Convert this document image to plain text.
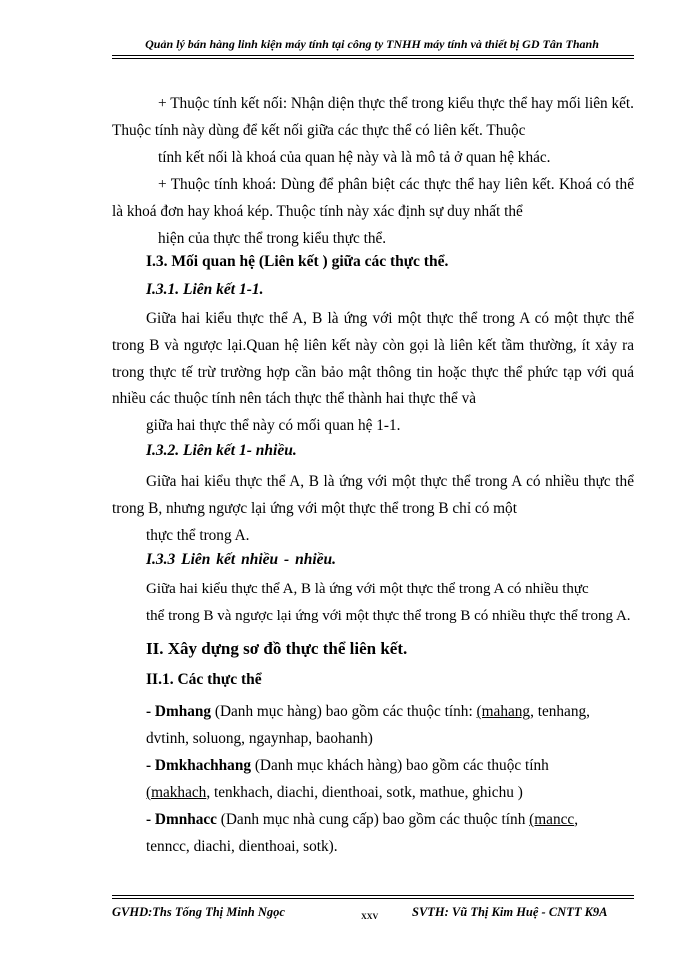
Quản lý bán hàng linh kiện máy tính tại công ty TNHH máy tính và thiết bị GD Tân Thanh

+ Thuộc tính kết nối: Nhận diện thực thể trong kiểu thực thể hay mối liên kết. Thuộc tính này dùng để kết nối giữa các thực thể có liên kết. Thuộc
tính kết nối là khoá của quan hệ này và là mô tả ở quan hệ khác.

+ Thuộc tính khoá: Dùng để phân biệt các thực thể hay liên kết. Khoá có thể là khoá đơn hay khoá kép. Thuộc tính này xác định sự duy nhất thể
hiện của thực thể trong kiểu thực thể.

I.3. Mối quan hệ (Liên kết ) giữa các thực thể.
I.3.1. Liên kết 1-1.

Giữa hai kiểu thực thể A, B là ứng với một thực thể trong A có một thực thể trong B và ngược lại.Quan hệ liên kết này còn gọi là liên kết tầm thường, ít xảy ra trong thực tế trừ trường hợp cần bảo mật thông tin hoặc thực thể phức tạp với quá nhiều các thuộc tính nên tách thực thể thành hai thực thể và
giữa hai thực thể này có mối quan hệ 1-1.

I.3.2. Liên kết 1- nhiều.

Giữa hai kiểu thực thể A, B là ứng với một thực thể trong A có nhiều thực thể trong B, nhưng ngược lại ứng với một thực thể trong B chỉ có một
thực thể trong A.

I.3.3 Liên kết nhiều - nhiều.

Giữa hai kiểu thực thể A, B là ứng với một thực thể trong A có nhiều thực
thể trong B và ngược lại ứng với một thực thể trong B có nhiều thực thể trong A.

II. Xây dựng sơ đồ thực thể liên kết.
II.1. Các thực thể

- Dmhang (Danh mục hàng) bao gồm các thuộc tính: (mahang, tenhang,
dvtinh, soluong, ngaynhap, baohanh)

- Dmkhachhang (Danh mục khách hàng) bao gồm các thuộc tính
(makhach, tenkhach, diachi, dienthoai, sotk, mathue, ghichu )

- Dmnhacc (Danh mục nhà cung cấp) bao gồm các thuộc tính (mancc,
tenncc, diachi, dienthoai, sotk).

GVHD:Ths Tống Thị Minh Ngọc	XXV	SVTH: Vũ Thị Kim Huệ - CNTT K9A
